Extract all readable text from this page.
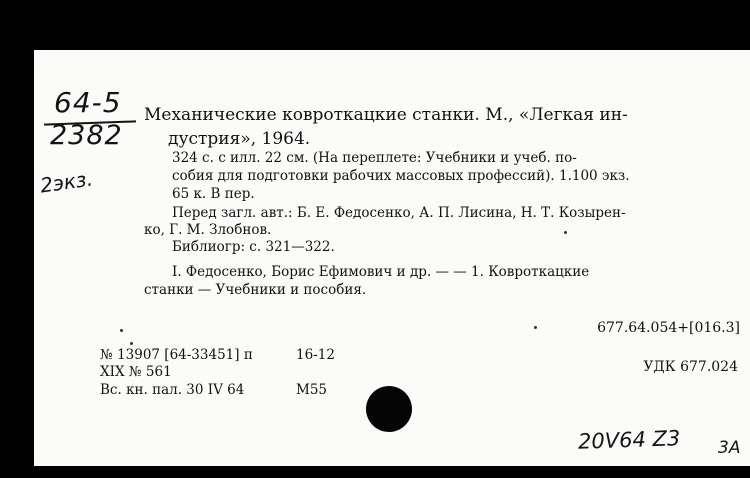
64-5
2382
2экз.
Механические ковроткацкие станки. М., «Легкая ин-
дустрия», 1964.
324 с. с илл. 22 см. (На переплете: Учебники и учеб. по-
собия для подготовки рабочих массовых профессий). 1.100 экз.
65 к. В пер.
Перед загл. авт.: Б. Е. Федосенко, А. П. Лисина, Н. Т. Козырен-
ко, Г. М. Злобнов.
Библиогр: с. 321—322.
I. Федосенко, Борис Ефимович и др. — — 1. Ковроткацкие
станки — Учебники и пособия.
677.64.054+[016.3]
УДК 677.024
№ 13907 [64-33451] п	16-12
XIX № 561
Вс. кн. пал. 30 IV 64	М55
20V64 Z3 3А
